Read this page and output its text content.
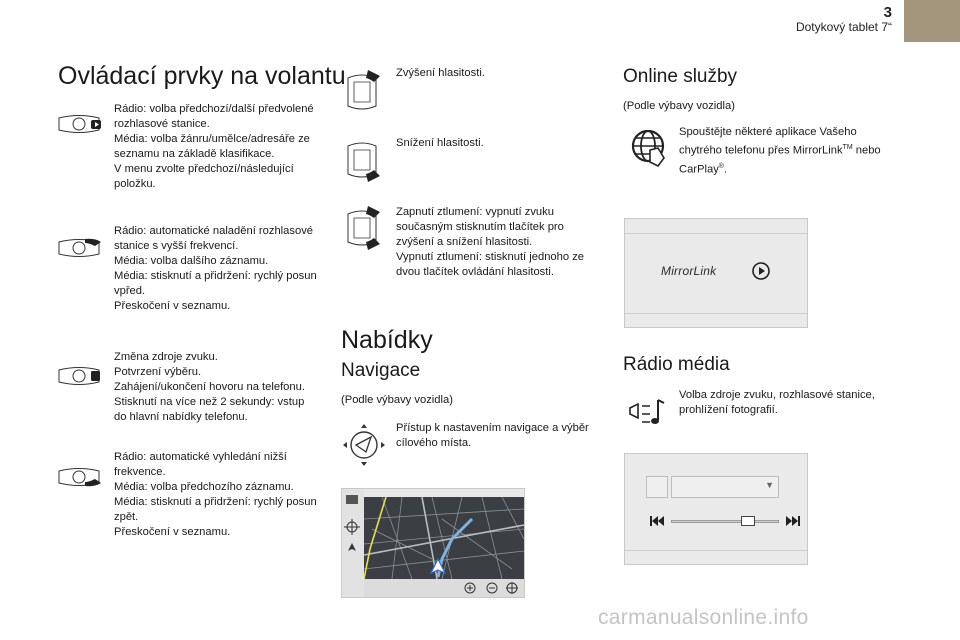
3
Dotykový tablet 7“
Ovládací prvky na volantu
Rádio: volba předchozí/další předvolené
rozhlasové stanice.
Média: volba žánru/umělce/adresáře ze
seznamu na základě klasifikace.
V menu zvolte předchozí/následující
položku.
Rádio: automatické naladění rozhlasové
stanice s vyšší frekvencí.
Média: volba dalšího záznamu.
Média: stisknutí a přidržení: rychlý posun
vpřed.
Přeskočení v seznamu.
Změna zdroje zvuku.
Potvrzení výběru.
Zahájení/ukončení hovoru na telefonu.
Stisknutí na více než 2 sekundy: vstup
do hlavní nabídky telefonu.
Rádio: automatické vyhledání nižší
frekvence.
Média: volba předchozího záznamu.
Média: stisknutí a přidržení: rychlý posun
zpět.
Přeskočení v seznamu.
Zvýšení hlasitosti.
Snížení hlasitosti.
Zapnutí ztlumení: vypnutí zvuku
současným stisknutím tlačítek pro
zvýšení a snížení hlasitosti.
Vypnutí ztlumení: stisknutí jednoho ze
dvou tlačítek ovládání hlasitosti.
Nabídky
Navigace
(Podle výbavy vozidla)
Přístup k nastavením navigace a výběr
cílového místa.
Online služby
(Podle výbavy vozidla)
Spouštějte některé aplikace Vašeho
chytrého telefonu přes MirrorLink™ nebo
CarPlay®.
MirrorLink
Rádio média
Volba zdroje zvuku, rozhlasové stanice,
prohlížení fotografií.
▼
carmanualsonline.info
